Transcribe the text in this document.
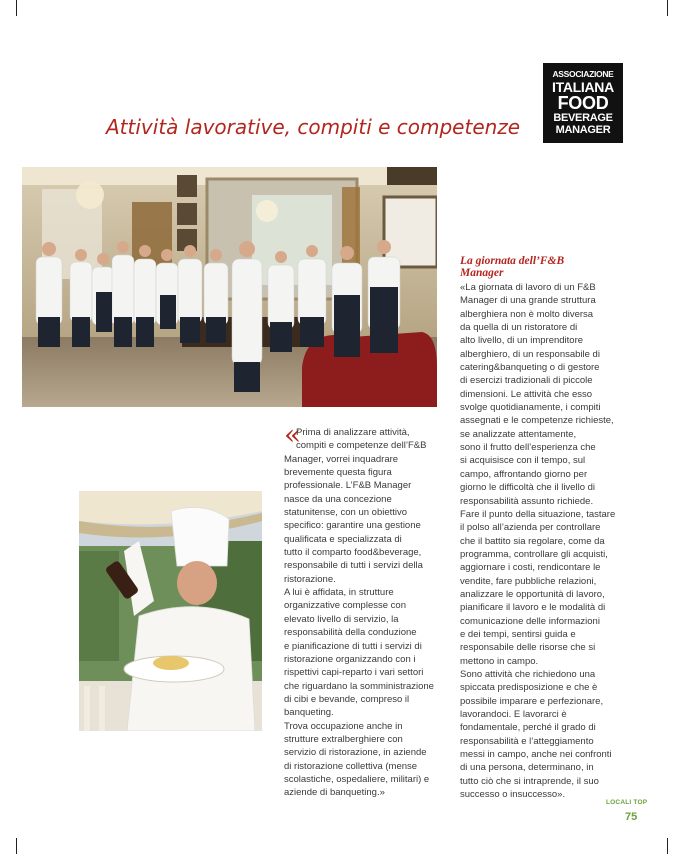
ASSOCIAZIONE
ITALIANA
FOOD
BEVERAGE
MANAGER
Attività lavorative, compiti e competenze
La giornata dell’F&B
Manager

«La giornata di lavoro di un F&B

Manager di una grande struttura

alberghiera non è molto diversa

da quella di un ristoratore di

alto livello, di un imprenditore

alberghiero, di un responsabile di

catering&banqueting o di gestore

di esercizi tradizionali di piccole

dimensioni. Le attività che esso

svolge quotidianamente, i compiti

assegnati e le competenze richieste,

se analizzate attentamente,

sono il frutto dell’esperienza che

si acquisisce con il tempo, sul

campo, affrontando giorno per

giorno le difficoltà che il livello di

responsabilità assunto richiede.

Fare il punto della situazione, tastare

il polso all’azienda per controllare

che il battito sia regolare, come da

programma, controllare gli acquisti,

aggiornare i costi, rendicontare le

vendite, fare pubbliche relazioni,

analizzare le opportunità di lavoro,

pianificare il lavoro e le modalità di

comunicazione delle informazioni

e dei tempi, sentirsi guida e

responsabile delle risorse che si

mettono in campo.

Sono attività che richiedono una

spiccata predisposizione e che è

possibile imparare e perfezionare,

lavorandoci. E lavorarci è

fondamentale, perché il grado di

responsabilità e l’atteggiamento

messi in campo, anche nei confronti

di una persona, determinano, in

tutto ciò che si intraprende, il suo

successo o insuccesso».

«

Prima di analizzare attività,

compiti e competenze dell’F&B

Manager, vorrei inquadrare

brevemente questa figura

professionale. L’F&B Manager

nasce da una concezione

statunitense, con un obiettivo

specifico: garantire una gestione

qualificata e specializzata di

tutto il comparto food&beverage,

responsabile di tutti i servizi della

ristorazione.

A lui è affidata, in strutture

organizzative complesse con

elevato livello di servizio, la

responsabilità della conduzione

e pianificazione di tutti i servizi di

ristorazione organizzando con i

rispettivi capi-reparto i vari settori

che riguardano la somministrazione

di cibi e bevande, compreso il

banqueting.

Trova occupazione anche in

strutture extralberghiere con

servizio di ristorazione, in aziende

di ristorazione collettiva (mense

scolastiche, ospedaliere, militari) e

aziende di banqueting.»

LOCALI TOP
75
